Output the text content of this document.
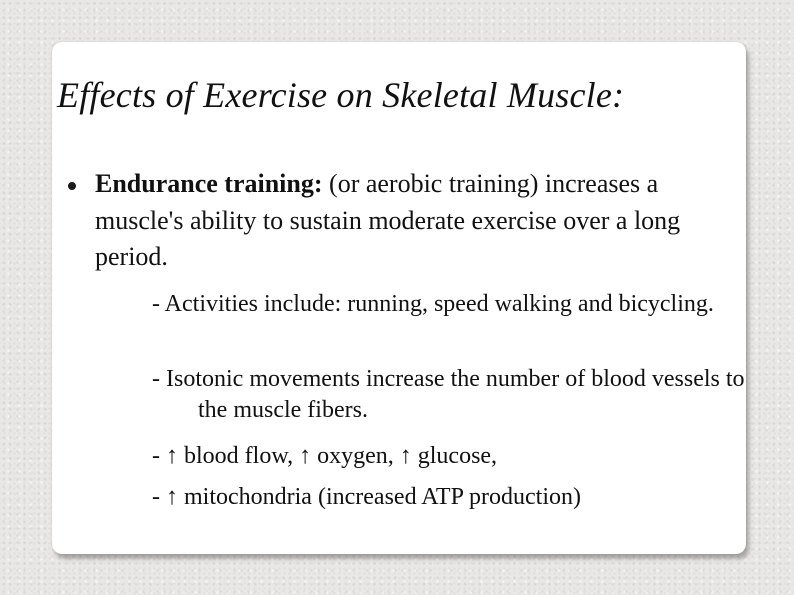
Effects of Exercise on Skeletal Muscle:

Endurance training: (or aerobic training) increases a muscle's ability to sustain moderate exercise over a long period.

- Activities include: running, speed walking and bicycling.

- Isotonic movements increase the number of blood vessels to the muscle fibers.

- ↑ blood flow, ↑ oxygen, ↑ glucose,

- ↑ mitochondria (increased ATP production)
